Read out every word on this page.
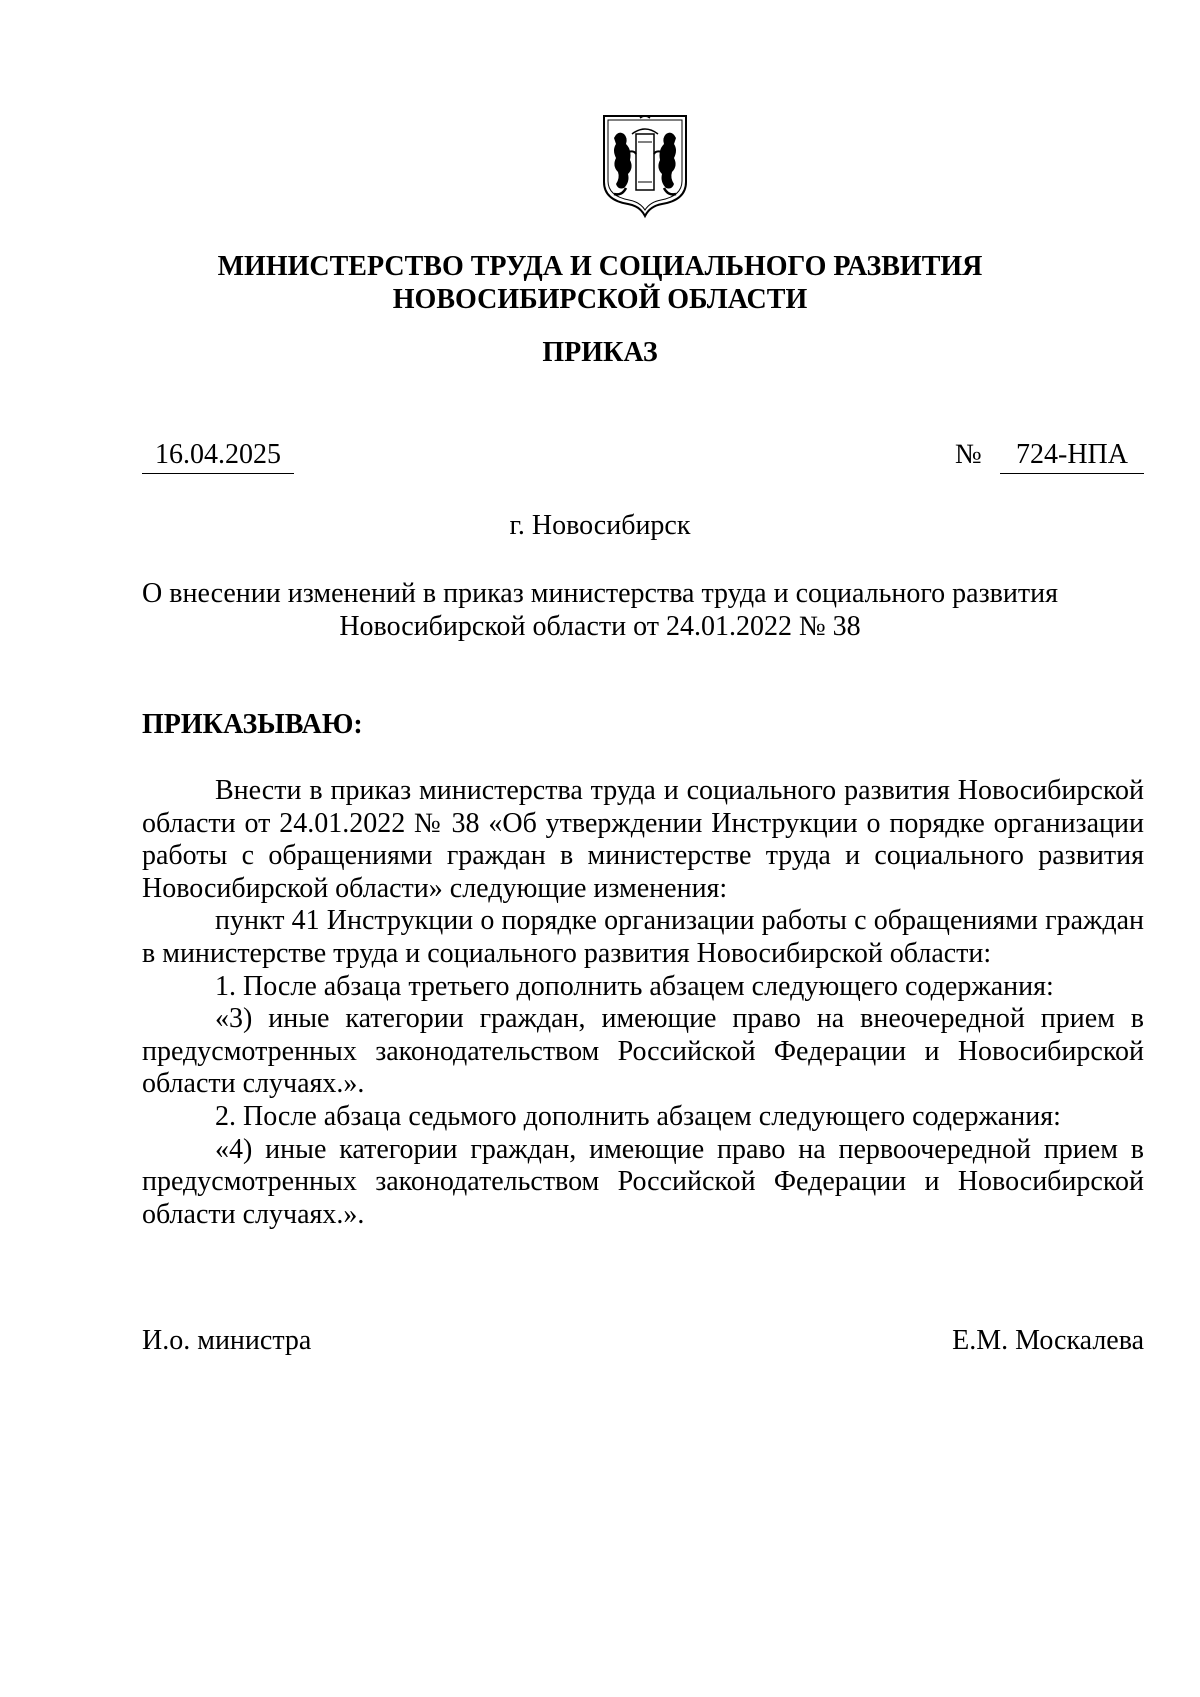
МИНИСТЕРСТВО ТРУДА И СОЦИАЛЬНОГО РАЗВИТИЯ
НОВОСИБИРСКОЙ ОБЛАСТИ
ПРИКАЗ
16.04.2025	№	724-НПА
г. Новосибирск
О внесении изменений в приказ министерства труда и социального развития
Новосибирской области от 24.01.2022 № 38
ПРИКАЗЫВАЮ:

Внести в приказ министерства труда и социального развития Новосибирской области от 24.01.2022 № 38 «Об утверждении Инструкции о порядке организации работы с обращениями граждан в министерстве труда и социального развития Новосибирской области» следующие изменения:

пункт 41 Инструкции о порядке организации работы с обращениями граждан в министерстве труда и социального развития Новосибирской области:

1. После абзаца третьего дополнить абзацем следующего содержания:

«3) иные категории граждан, имеющие право на внеочередной прием в предусмотренных законодательством Российской Федерации и Новосибирской области случаях.».

2. После абзаца седьмого дополнить абзацем следующего содержания:

«4) иные категории граждан, имеющие право на первоочередной прием в предусмотренных законодательством Российской Федерации и Новосибирской области случаях.».

И.о. министра	Е.М. Москалева
